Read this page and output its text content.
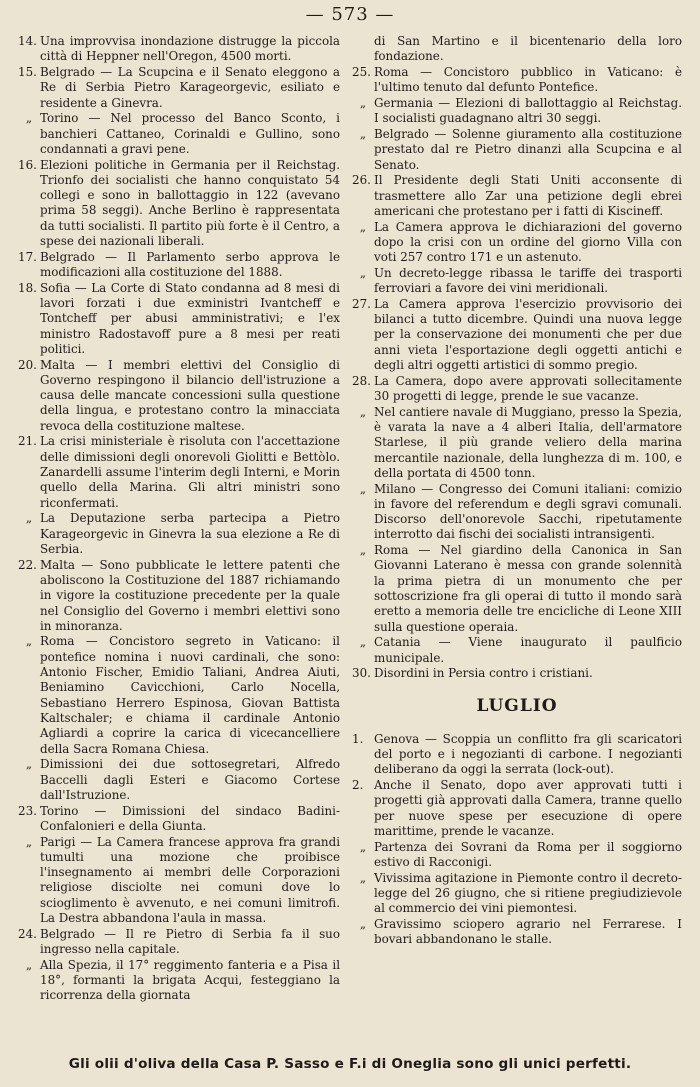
— 573 —
14. Una improvvisa inondazione distrugge la piccola città di Heppner nell'Oregon, 4500 morti.
15. Belgrado — La Scupcina e il Senato eleggono a Re di Serbia Pietro Karageorgevic, esiliato e residente a Ginevra.
„ Torino — Nel processo del Banco Sconto, i banchieri Cattaneo, Corinaldi e Gullino, sono condannati a gravi pene.
16. Elezioni politiche in Germania per il Reichstag. Trionfo dei socialisti che hanno conquistato 54 collegi e sono in ballottaggio in 122 (avevano prima 58 seggi). Anche Berlino è rappresentata da tutti socialisti. Il partito più forte è il Centro, a spese dei nazionali liberali.
17. Belgrado — Il Parlamento serbo approva le modificazioni alla costituzione del 1888.
18. Sofia — La Corte di Stato condanna ad 8 mesi di lavori forzati i due exministri Ivantcheff e Tontcheff per abusi amministrativi; e l'ex ministro Radostavoff pure a 8 mesi per reati politici.
20. Malta — I membri elettivi del Consiglio di Governo respingono il bilancio dell'istruzione a causa delle mancate concessioni sulla questione della lingua, e protestano contro la minacciata revoca della costituzione maltese.
21. La crisi ministeriale è risoluta con l'accettazione delle dimissioni degli onorevoli Giolitti e Bettòlo. Zanardelli assume l'interim degli Interni, e Morin quello della Marina. Gli altri ministri sono riconfermati.
„ La Deputazione serba partecipa a Pietro Karageorgevic in Ginevra la sua elezione a Re di Serbia.
22. Malta — Sono pubblicate le lettere patenti che aboliscono la Costituzione del 1887 richiamando in vigore la costituzione precedente per la quale nel Consiglio del Governo i membri elettivi sono in minoranza.
„ Roma — Concistoro segreto in Vaticano: il pontefice nomina i nuovi cardinali, che sono: Antonio Fischer, Emidio Taliani, Andrea Aiuti, Beniamino Cavicchioni, Carlo Nocella, Sebastiano Herrero Espinosa, Giovan Battista Kaltschaler; e chiama il cardinale Antonio Agliardi a coprire la carica di vicecancelliere della Sacra Romana Chiesa.
„ Dimissioni dei due sottosegretari, Alfredo Baccelli dagli Esteri e Giacomo Cortese dall'Istruzione.
23. Torino — Dimissioni del sindaco Badini-Confalonieri e della Giunta.
„ Parigi — La Camera francese approva fra grandi tumulti una mozione che proibisce l'insegnamento ai membri delle Corporazioni religiose disciolte nei comuni dove lo scioglimento è avvenuto, e nei comuni limitrofi. La Destra abbandona l'aula in massa.
24. Belgrado — Il re Pietro di Serbia fa il suo ingresso nella capitale.
„ Alla Spezia, il 17° reggimento fanteria e a Pisa il 18°, formanti la brigata Acqui, festeggiano la ricorrenza della giornata
di San Martino e il bicentenario della loro fondazione.
25. Roma — Concistoro pubblico in Vaticano: è l'ultimo tenuto dal defunto Pontefice.
„ Germania — Elezioni di ballottaggio al Reichstag. I socialisti guadagnano altri 30 seggi.
„ Belgrado — Solenne giuramento alla costituzione prestato dal re Pietro dinanzi alla Scupcina e al Senato.
26. Il Presidente degli Stati Uniti acconsente di trasmettere allo Zar una petizione degli ebrei americani che protestano per i fatti di Kiscineff.
„ La Camera approva le dichiarazioni del governo dopo la crisi con un ordine del giorno Villa con voti 257 contro 171 e un astenuto.
„ Un decreto-legge ribassa le tariffe dei trasporti ferroviari a favore dei vini meridionali.
27. La Camera approva l'esercizio provvisorio dei bilanci a tutto dicembre. Quindi una nuova legge per la conservazione dei monumenti che per due anni vieta l'esportazione degli oggetti antichi e degli altri oggetti artistici di sommo pregio.
28. La Camera, dopo avere approvati sollecitamente 30 progetti di legge, prende le sue vacanze.
„ Nel cantiere navale di Muggiano, presso la Spezia, è varata la nave a 4 alberi Italia, dell'armatore Starlese, il più grande veliero della marina mercantile nazionale, della lunghezza di m. 100, e della portata di 4500 tonn.
„ Milano — Congresso dei Comuni italiani: comizio in favore del referendum e degli sgravi comunali. Discorso dell'onorevole Sacchi, ripetutamente interrotto dai fischi dei socialisti intransigenti.
„ Roma — Nel giardino della Canonica in San Giovanni Laterano è messa con grande solennità la prima pietra di un monumento che per sottoscrizione fra gli operai di tutto il mondo sarà eretto a memoria delle tre encicliche di Leone XIII sulla questione operaia.
„ Catania — Viene inaugurato il paulficio municipale.
30. Disordini in Persia contro i cristiani.
LUGLIO
1. Genova — Scoppia un conflitto fra gli scaricatori del porto e i negozianti di carbone. I negozianti deliberano da oggi la serrata (lock-out).
2. Anche il Senato, dopo aver approvati tutti i progetti già approvati dalla Camera, tranne quello per nuove spese per esecuzione di opere marittime, prende le vacanze.
„ Partenza dei Sovrani da Roma per il soggiorno estivo di Racconigi.
„ Vivissima agitazione in Piemonte contro il decreto-legge del 26 giugno, che si ritiene pregiudizievole al commercio dei vini piemontesi.
„ Gravissimo sciopero agrario nel Ferrarese. I bovari abbandonano le stalle.
Gli olii d'oliva della Casa P. Sasso e F.i di Oneglia sono gli unici perfetti.
